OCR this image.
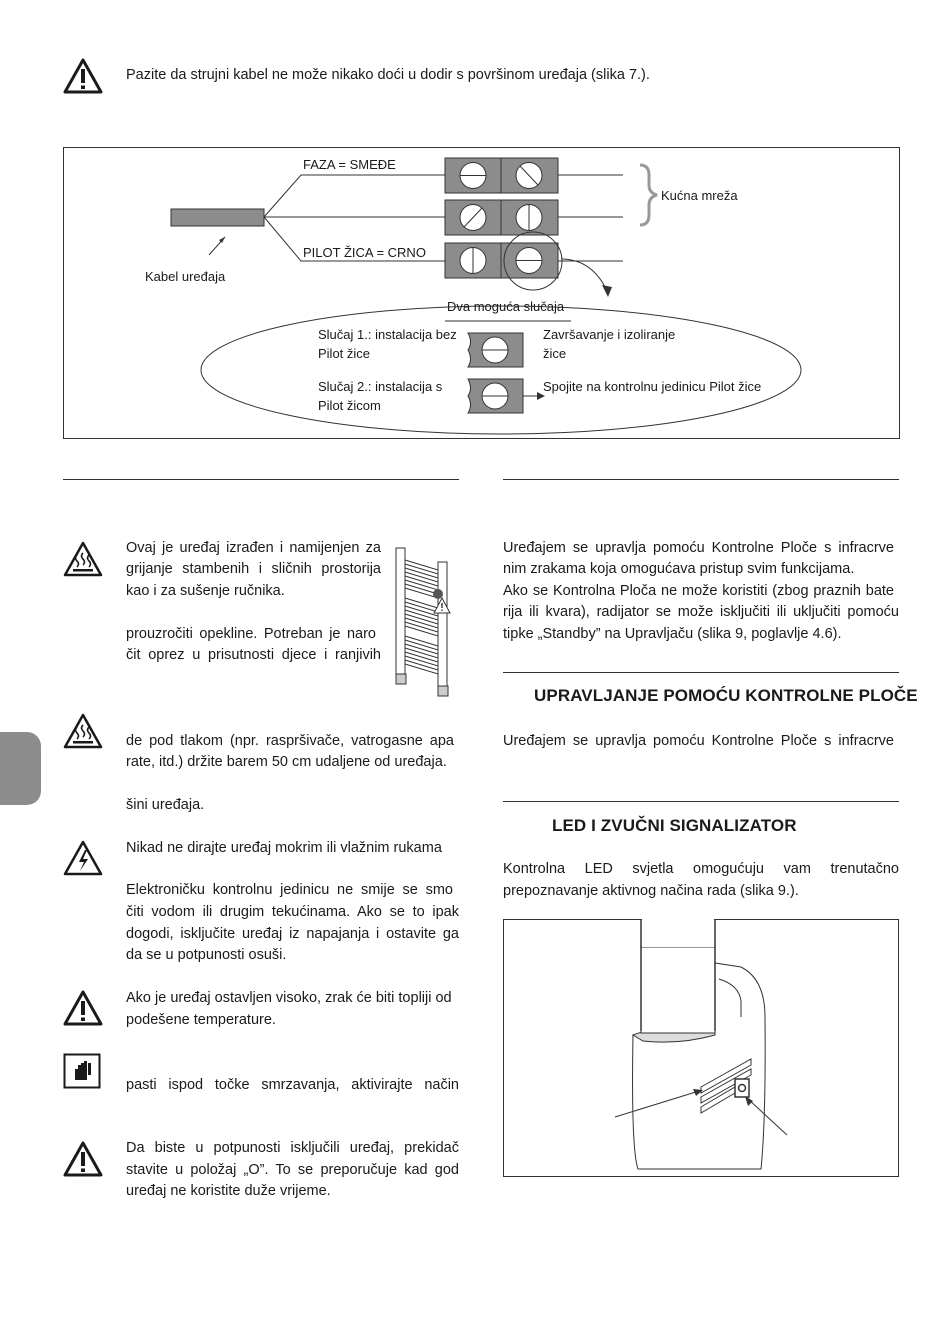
Pazite da strujni kabel ne može nikako doći u dodir s površinom uređaja (slika 7.).
FAZA = SMEĐE
PILOT ŽICA = CRNO
Kabel uređaja
Kućna mreža
Dva moguća slučaja
Slučaj 1.: instalacija bez
Pilot žice
Završavanje i izoliranje
žice
Slučaj 2.: instalacija s
Pilot žicom
Spojite na kontrolnu jedinicu Pilot žice
Ovaj je uređaj izrađen i namijenjen za
grijanje stambenih i sličnih prostorija
kao i za sušenje ručnika.
prouzročiti opekline. Potreban je naro
čit oprez u prisutnosti djece i ranjivih
de pod tlakom (npr. raspršivače, vatrogasne apa
rate, itd.) držite barem 50 cm udaljene od uređaja.
šini uređaja.
Nikad ne dirajte uređaj mokrim ili vlažnim rukama
Elektroničku kontrolnu jedinicu ne smije se smo
čiti vodom ili drugim tekućinama. Ako se to ipak
dogodi, isključite uređaj iz napajanja i ostavite ga
da se u potpunosti osuši.
Ako je uređaj ostavljen visoko, zrak će biti topliji od
podešene temperature.
pasti ispod točke smrzavanja, aktivirajte način
Da biste u potpunosti isključili uređaj, prekidač
stavite u položaj „O”. To se preporučuje kad god
uređaj ne koristite duže vrijeme.
Uređajem se upravlja pomoću Kontrolne Ploče s infracrve
nim zrakama koja omogućava pristup svim funkcijama.
Ako se Kontrolna Ploča ne može koristiti (zbog praznih bate
rija ili kvara), radijator se može isključiti ili uključiti pomoću
tipke „Standby” na Upravljaču (slika 9, poglavlje 4.6).
UPRAVLJANJE POMOĆU KONTROLNE PLOČE
Uređajem se upravlja pomoću Kontrolne Ploče s infracrve
LED I ZVUČNI SIGNALIZATOR
Kontrolna LED svjetla omogućuju vam trenutačno
prepoznavanje aktivnog načina rada (slika 9.).
